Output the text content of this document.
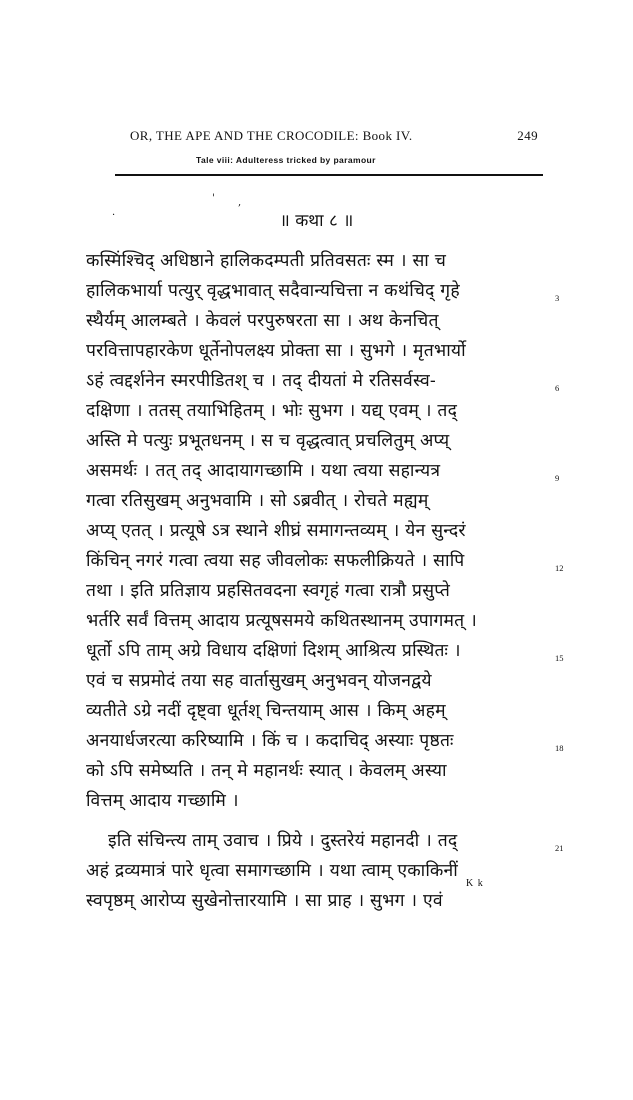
OR, THE APE AND THE CROCODILE: Book IV.	249
Tale viii: Adulteress tricked by paramour
' ,
·	॥ कथा ८ ॥
कस्मिंश्चिद् अधिष्ठाने हालिकदम्पती प्रतिवसतः स्म । सा च
हालिकभार्या पत्युर् वृद्धभावात् सदैवान्यचित्ता न कथंचिद् गृहे
स्थैर्यम् आलम्बते । केवलं परपुरुषरता सा । अथ केनचित्
परवित्तापहारकेण धूर्तेनोपलक्ष्य प्रोक्ता सा । सुभगे । मृतभार्यो
ऽहं त्वद्दर्शनेन स्मरपीडितश् च । तद् दीयतां मे रतिसर्वस्व-
दक्षिणा । ततस् तयाभिहितम् । भोः सुभग । यद्य् एवम् । तद्
अस्ति मे पत्युः प्रभूतधनम् । स च वृद्धत्वात् प्रचलितुम् अप्य्
असमर्थः । तत् तद् आदायागच्छामि । यथा त्वया सहान्यत्र
गत्वा रतिसुखम् अनुभवामि । सो ऽब्रवीत् । रोचते मह्यम्
अप्य् एतत् । प्रत्यूषे ऽत्र स्थाने शीघ्रं समागन्तव्यम् । येन सुन्दरं
किंचिन् नगरं गत्वा त्वया सह जीवलोकः सफलीक्रियते । सापि
तथा । इति प्रतिज्ञाय प्रहसितवदना स्वगृहं गत्वा रात्रौ प्रसुप्ते
भर्तरि सर्वं वित्तम् आदाय प्रत्यूषसमये कथितस्थानम् उपागमत् ।
धूर्तो ऽपि ताम् अग्रे विधाय दक्षिणां दिशम् आश्रित्य प्रस्थितः ।
एवं च सप्रमोदं तया सह वार्तासुखम् अनुभवन् योजनद्वये
व्यतीते ऽग्रे नदीं दृष्ट्वा धूर्तश् चिन्तयाम् आस । किम् अहम्
अनयार्धजरत्या करिष्यामि । किं च । कदाचिद् अस्याः पृष्ठतः
को ऽपि समेष्यति । तन् मे महानर्थः स्यात् । केवलम् अस्या
वित्तम् आदाय गच्छामि ।
इति संचिन्त्य ताम् उवाच । प्रिये । दुस्तरेयं महानदी । तद्
अहं द्रव्यमात्रं पारे धृत्वा समागच्छामि । यथा त्वाम् एकाकिनीं
स्वपृष्ठम् आरोप्य सुखेनोत्तारयामि । सा प्राह । सुभग । एवं
3
6
9
12
15
18
21
K k
